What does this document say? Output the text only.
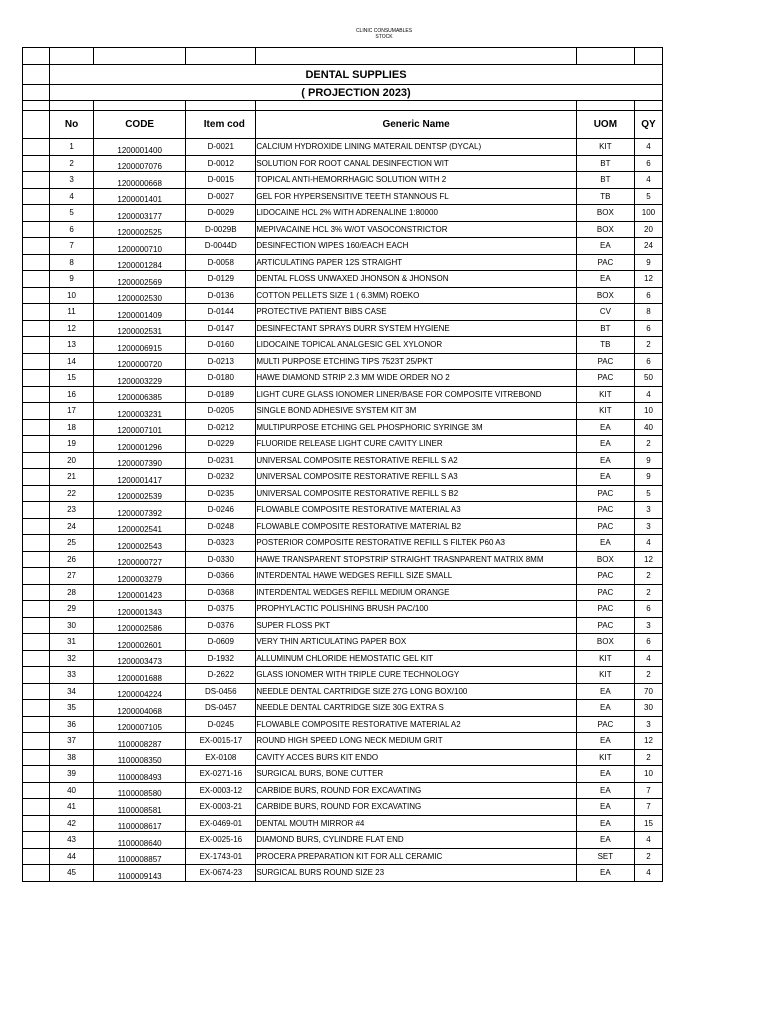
CLINIC CONSUMABLES
STOCK

	DENTAL SUPPLIES					
	( PROJECTION 2023)					

	No	CODE	Item cod	Generic Name	UOM	QY
	1	1200001400	D-0021	CALCIUM HYDROXIDE LINING MATERAIL DENTSP (DYCAL)	KIT	4
	2	1200007076	D-0012	SOLUTION FOR ROOT CANAL DESINFECTION WIT	BT	6
	3	1200000668	D-0015	TOPICAL ANTI-HEMORRHAGIC SOLUTION WITH 2	BT	4
	4	1200001401	D-0027	GEL FOR HYPERSENSITIVE TEETH STANNOUS FL	TB	5
	5	1200003177	D-0029	LIDOCAINE HCL 2% WITH ADRENALINE 1:80000	BOX	100
	6	1200002525	D-0029B	MEPIVACAINE HCL 3% W/OT VASOCONSTRICTOR	BOX	20
	7	1200000710	D-0044D	DESINFECTION WIPES 160/EACH EACH	EA	24
	8	1200001284	D-0058	ARTICULATING PAPER 12S STRAIGHT	PAC	9
	9	1200002569	D-0129	DENTAL FLOSS UNWAXED JHONSON & JHONSON	EA	12
	10	1200002530	D-0136	COTTON PELLETS SIZE 1 ( 6.3MM) ROEKO	BOX	6
	11	1200001409	D-0144	PROTECTIVE PATIENT BIBS CASE	CV	8
	12	1200002531	D-0147	DESINFECTANT SPRAYS DURR SYSTEM HYGIENE	BT	6
	13	1200006915	D-0160	LIDOCAINE TOPICAL ANALGESIC GEL XYLONOR	TB	2
	14	1200000720	D-0213	MULTI PURPOSE ETCHING TIPS 7523T 25/PKT	PAC	6
	15	1200003229	D-0180	HAWE DIAMOND STRIP 2.3 MM WIDE ORDER NO 2	PAC	50
	16	1200006385	D-0189	LIGHT CURE GLASS IONOMER LINER/BASE FOR COMPOSITE VITREBOND	KIT	4
	17	1200003231	D-0205	SINGLE BOND ADHESIVE SYSTEM KIT 3M	KIT	10
	18	1200007101	D-0212	MULTIPURPOSE ETCHING GEL PHOSPHORIC SYRINGE 3M	EA	40
	19	1200001296	D-0229	FLUORIDE RELEASE LIGHT CURE CAVITY LINER	EA	2
	20	1200007390	D-0231	UNIVERSAL COMPOSITE RESTORATIVE REFILL S A2	EA	9
	21	1200001417	D-0232	UNIVERSAL COMPOSITE RESTORATIVE REFILL S A3	EA	9
	22	1200002539	D-0235	UNIVERSAL COMPOSITE RESTORATIVE REFILL S B2	PAC	5
	23	1200007392	D-0246	FLOWABLE COMPOSITE RESTORATIVE MATERIAL A3	PAC	3
	24	1200002541	D-0248	FLOWABLE COMPOSITE RESTORATIVE MATERIAL B2	PAC	3
	25	1200002543	D-0323	POSTERIOR COMPOSITE RESTORATIVE REFILL S FILTEK P60 A3	EA	4
	26	1200000727	D-0330	HAWE TRANSPARENT STOPSTRIP STRAIGHT TRASNPARENT MATRIX 8MM	BOX	12
	27	1200003279	D-0366	INTERDENTAL HAWE WEDGES REFILL SIZE SMALL	PAC	2
	28	1200001423	D-0368	INTERDENTAL WEDGES REFILL MEDIUM ORANGE	PAC	2
	29	1200001343	D-0375	PROPHYLACTIC POLISHING BRUSH PAC/100	PAC	6
	30	1200002586	D-0376	SUPER FLOSS PKT	PAC	3
	31	1200002601	D-0609	VERY THIN ARTICULATING PAPER BOX	BOX	6
	32	1200003473	D-1932	ALLUMINUM CHLORIDE HEMOSTATIC GEL KIT	KIT	4
	33	1200001688	D-2622	GLASS IONOMER WITH TRIPLE CURE TECHNOLOGY	KIT	2
	34	1200004224	DS-0456	NEEDLE DENTAL CARTRIDGE SIZE 27G LONG BOX/100	EA	70
	35	1200004068	DS-0457	NEEDLE DENTAL CARTRIDGE SIZE 30G EXTRA S	EA	30
	36	1200007105	D-0245	FLOWABLE COMPOSITE RESTORATIVE MATERIAL A2	PAC	3
	37	1100008287	EX-0015-17	ROUND HIGH SPEED LONG NECK MEDIUM GRIT	EA	12
	38	1100008350	EX-0108	CAVITY ACCES BURS KIT ENDO	KIT	2
	39	1100008493	EX-0271-16	SURGICAL BURS, BONE CUTTER	EA	10
	40	1100008580	EX-0003-12	CARBIDE BURS, ROUND FOR EXCAVATING	EA	7
	41	1100008581	EX-0003-21	CARBIDE BURS, ROUND FOR EXCAVATING	EA	7
	42	1100008617	EX-0469-01	DENTAL MOUTH MIRROR #4	EA	15
	43	1100008640	EX-0025-16	DIAMOND BURS, CYLINDRE FLAT END	EA	4
	44	1100008857	EX-1743-01	PROCERA PREPARATION KIT FOR ALL CERAMIC	SET	2
	45	1100009143	EX-0674-23	SURGICAL BURS ROUND SIZE 23	EA	4
